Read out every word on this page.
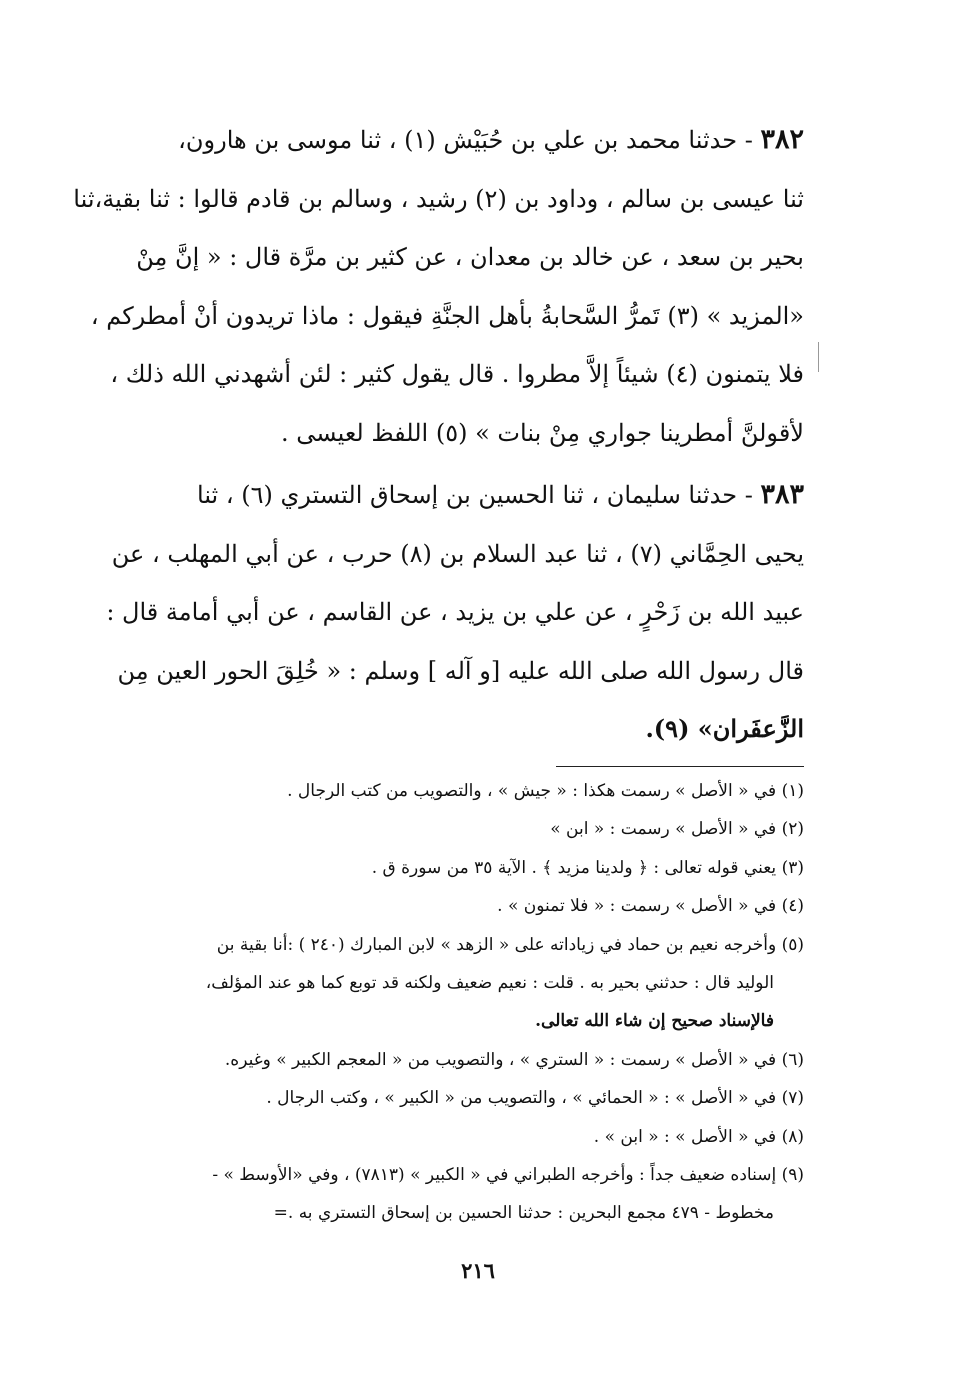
٣٨٢ - حدثنا محمد بن علي بن حُبَيْش (١) ، ثنا موسى بن هارون،
ثنا عيسى بن سالم ، وداود بن (٢) رشيد ، وسالم بن قادم قالوا : ثنا بقية،ثنا
بحير بن سعد ، عن خالد بن معدان ، عن كثير بن مرَّة قال : « إنَّ مِنْ
«المزيد » (٣) تَمرُّ السَّحابةُ بأهل الجنَّةِ فيقول : ماذا تريدون أنْ أمطركم ،
فلا يتمنون (٤) شيئاً إلاَّ مطروا . قال يقول كثير : لئن أشهدني الله ذلك ،
لأقولنَّ أمطرينا جواري مِنْ بنات » (٥) اللفظ لعيسى .
٣٨٣ - حدثنا سليمان ، ثنا الحسين بن إسحاق التستري (٦) ، ثنا
يحيى الحِمَّاني (٧) ، ثنا عبد السلام بن (٨) حرب ، عن أبي المهلب ، عن
عبيد الله بن زَحْرٍ ، عن علي بن يزيد ، عن القاسم ، عن أبي أمامة قال :
قال رسول الله صلى الله عليه [و آله ] وسلم : « خُلِقَ الحور العين مِن
الزَّعفَران» (٩).
(١) في « الأصل » رسمت هكذا : « جيش » ، والتصويب من كتب الرجال .
(٢) في « الأصل » رسمت : « ابن »
(٣) يعني قوله تعالى : ﴿ ولدينا مزيد ﴾ . الآية ٣٥ من سورة ق .
(٤) في « الأصل » رسمت : « فلا تمنون » .
(٥) وأخرجه نعيم بن حماد في زياداته على « الزهد » لابن المبارك (٢٤٠ ) :أنا بقية بن
الوليد قال : حدثني بحير به . قلت : نعيم ضعيف ولكنه قد توبع كما هو عند المؤلف،
فالإسناد صحيح إن شاء الله تعالى.
(٦) في « الأصل » رسمت : « الستري » ، والتصويب من « المعجم الكبير » وغيره.
(٧) في « الأصل » : « الحمائي » ، والتصويب من « الكبير » ، وكتب الرجال .
(٨) في « الأصل » : « ابن » .
(٩) إسناده ضعيف جداً : وأخرجه الطبراني في « الكبير » (٧٨١٣) ، وفي «الأوسط » -
مخطوط - ٤٧٩ مجمع البحرين : حدثنا الحسين بن إسحاق التستري به .=
٢١٦
